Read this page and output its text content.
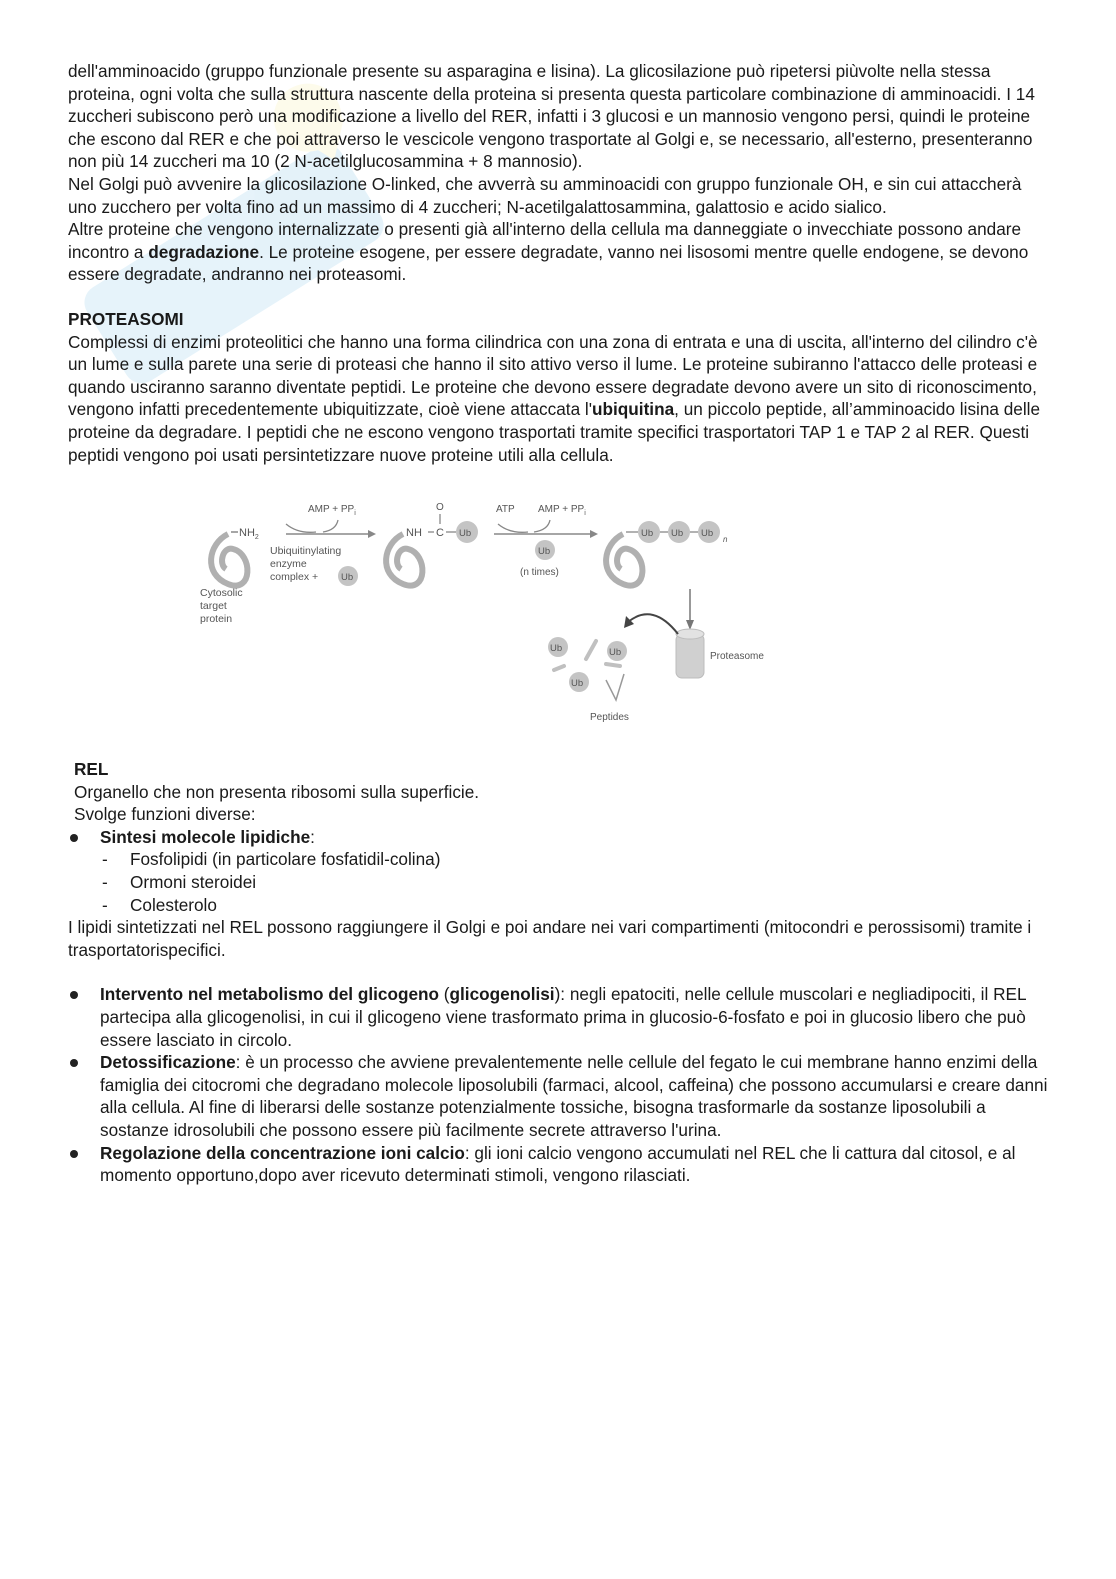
dell'amminoacido (gruppo funzionale presente su asparagina e lisina). La glicosilazione può ripetersi piùvolte nella stessa proteina, ogni volta che sulla struttura nascente della proteina si presenta questa particolare combinazione di amminoacidi. I 14 zuccheri subiscono però una modificazione a livello del RER, infatti i 3 glucosi e un mannosio vengono persi, quindi le proteine che escono dal RER e che poi attraverso le vescicole vengono trasportate al Golgi e, se necessario, all'esterno, presenteranno non più 14 zuccheri ma 10 (2 N-acetilglucosammina + 8 mannosio).

Nel Golgi può avvenire la glicosilazione O-linked, che avverrà su amminoacidi con gruppo funzionale OH, e sin cui attaccherà uno zucchero per volta fino ad un massimo di 4 zuccheri; N-acetilgalattosammina, galattosio e acido sialico.

Altre proteine che vengono internalizzate o presenti già all'interno della cellula ma danneggiate o invecchiate possono andare incontro a degradazione. Le proteine esogene, per essere degradate, vanno nei lisosomi mentre quelle endogene, se devono essere degradate, andranno nei proteasomi.

PROTEASOMI

Complessi di enzimi proteolitici che hanno una forma cilindrica con una zona di entrata e una di uscita, all'interno del cilindro c'è un lume e sulla parete una serie di proteasi che hanno il sito attivo verso il lume. Le proteine subiranno l'attacco delle proteasi e quando usciranno saranno diventate peptidi. Le proteine che devono essere degradate devono avere un sito di riconoscimento, vengono infatti precedentemente ubiquitizzate, cioè viene attaccata l'ubiquitina, un piccolo peptide, all’amminoacido lisina delle proteine da degradare. I peptidi che ne escono vengono trasportati tramite specifici trasportatori TAP 1 e TAP 2 al RER. Questi peptidi vengono poi usati persintetizzare nuove proteine utili alla cellula.

$NH_2$
AMP + $PP_i$
Ubiquitinylating
enzyme
complex + Ub
Cytosolic
target
protein
NH C
O
Ub
ATP AMP + $PP_i$
Ub
(n times)
Ub Ub Ub
n
Proteasome
Ub	Ub
Ub
Peptides
REL

Organello che non presenta ribosomi sulla superficie.

Svolge funzioni diverse:

Sintesi molecole lipidiche:
- Fosfolipidi (in particolare fosfatidil-colina)
- Ormoni steroidei
- Colesterolo

I lipidi sintetizzati nel REL possono raggiungere il Golgi e poi andare nei vari compartimenti (mitocondri e perossisomi) tramite i trasportatorispecifici.

Intervento nel metabolismo del glicogeno (glicogenolisi): negli epatociti, nelle cellule muscolari e negliadipociti, il REL partecipa alla glicogenolisi, in cui il glicogeno viene trasformato prima in glucosio-6-fosfato e poi in glucosio libero che può essere lasciato in circolo.
Detossificazione: è un processo che avviene prevalentemente nelle cellule del fegato le cui membrane hanno enzimi della famiglia dei citocromi che degradano molecole liposolubili (farmaci, alcool, caffeina) che possono accumularsi e creare danni alla cellula. Al fine di liberarsi delle sostanze potenzialmente tossiche, bisogna trasformarle da sostanze liposolubili a sostanze idrosolubili che possono essere più facilmente secrete attraverso l'urina.
Regolazione della concentrazione ioni calcio: gli ioni calcio vengono accumulati nel REL che li cattura dal citosol, e al momento opportuno,dopo aver ricevuto determinati stimoli, vengono rilasciati.
